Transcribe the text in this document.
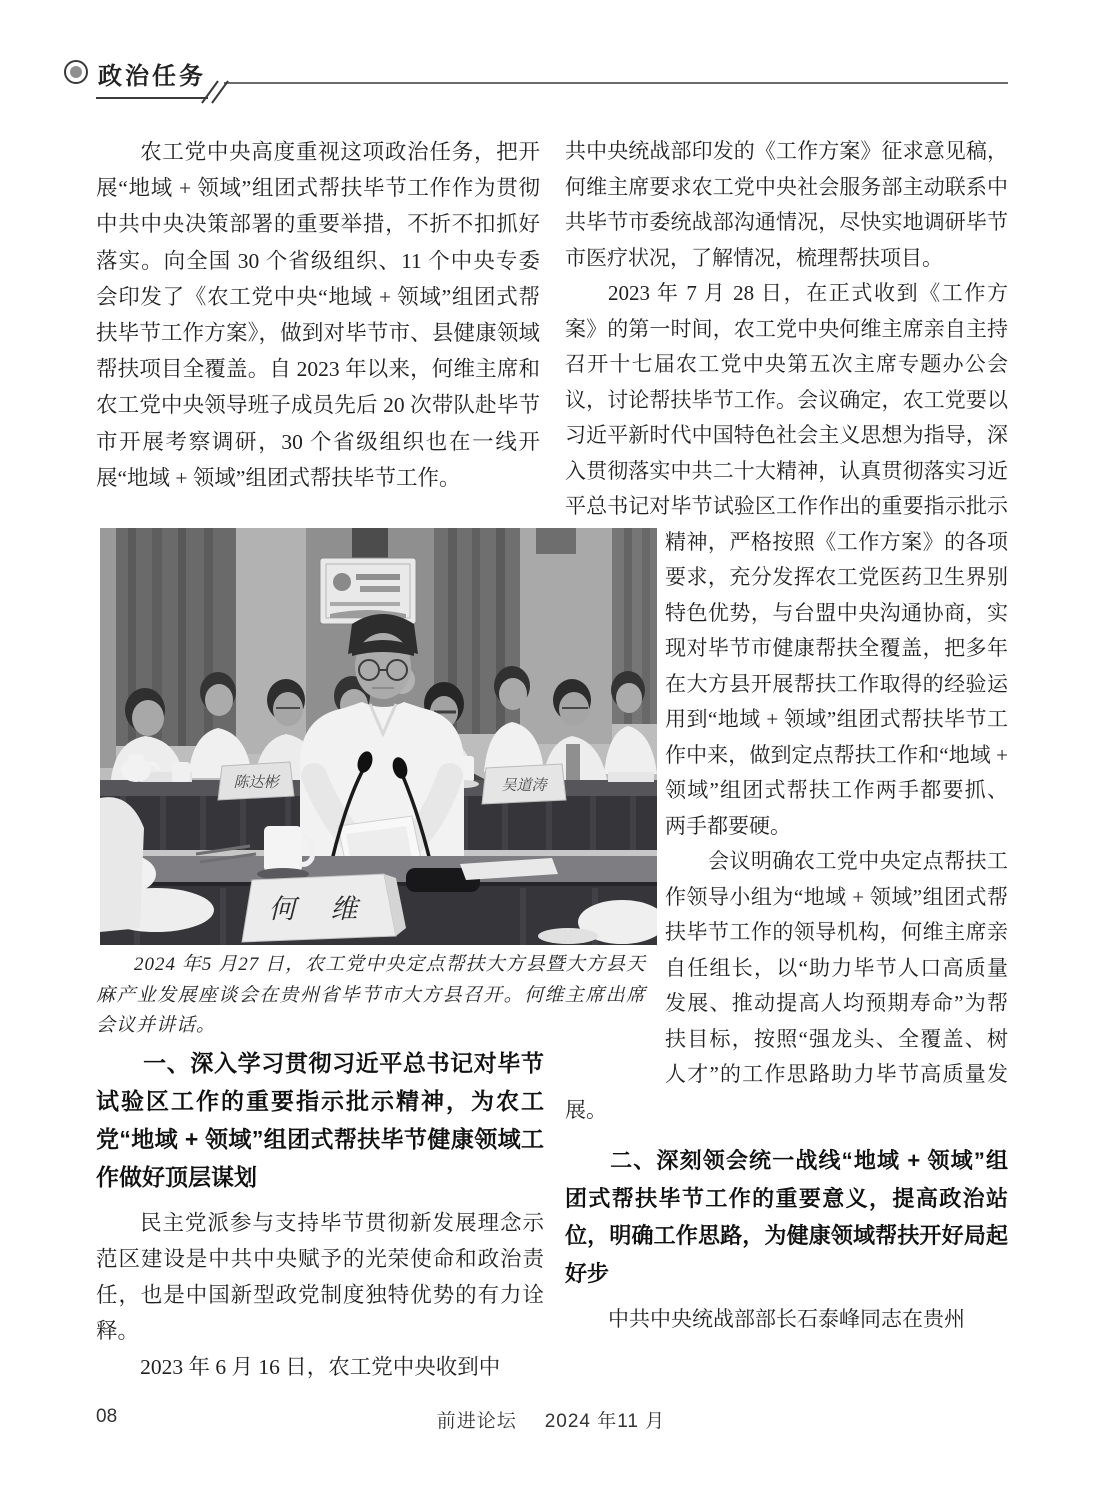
政治任务

农工党中央高度重视这项政治任务，把开展“地域 + 领域”组团式帮扶毕节工作作为贯彻中共中央决策部署的重要举措，不折不扣抓好落实。向全国 30 个省级组织、11 个中央专委会印发了《农工党中央“地域 + 领域”组团式帮扶毕节工作方案》，做到对毕节市、县健康领域帮扶项目全覆盖。自 2023 年以来，何维主席和农工党中央领导班子成员先后 20 次带队赴毕节市开展考察调研，30 个省级组织也在一线开展“地域 + 领域”组团式帮扶毕节工作。

陈达彬	吴道涛
何 维
2024 年5 月27 日，农工党中央定点帮扶大方县暨大方县天麻产业发展座谈会在贵州省毕节市大方县召开。何维主席出席会议并讲话。

一、深入学习贯彻习近平总书记对毕节试验区工作的重要指示批示精神，为农工党“地域 + 领域”组团式帮扶毕节健康领域工作做好顶层谋划

民主党派参与支持毕节贯彻新发展理念示范区建设是中共中央赋予的光荣使命和政治责任，也是中国新型政党制度独特优势的有力诠释。

2023 年 6 月 16 日，农工党中央收到中

共中央统战部印发的《工作方案》征求意见稿，何维主席要求农工党中央社会服务部主动联系中共毕节市委统战部沟通情况，尽快实地调研毕节市医疗状况，了解情况，梳理帮扶项目。

2023 年 7 月 28 日，在正式收到《工作方案》的第一时间，农工党中央何维主席亲自主持召开十七届农工党中央第五次主席专题办公会议，讨论帮扶毕节工作。会议确定，农工党要以习近平新时代中国特色社会主义思想为指导，深入贯彻落实中共二十大精神，认真贯彻落实习近平总书记对毕节试验区工作作出的重要指示批示精神，严格按照《工作方案》的各项要求，充分发挥农工党医药卫生界别特色优势，与台盟中央沟通协商，实现对毕节市健康帮扶全覆盖，把多年在大方县开展帮扶工作取得的经验运用到“地域 + 领域”组团式帮扶毕节工作中来，做到定点帮扶工作和“地域 + 领域”组团式帮扶工作两手都要抓、两手都要硬。

会议明确农工党中央定点帮扶工作领导小组为“地域 + 领域”组团式帮扶毕节工作的领导机构，何维主席亲自任组长，以“助力毕节人口高质量发展、推动提高人均预期寿命”为帮扶目标，按照“强龙头、全覆盖、树人才”的工作思路助力毕节高质量发展。

二、深刻领会统一战线“地域 + 领域”组团式帮扶毕节工作的重要意义，提高政治站位，明确工作思路，为健康领域帮扶开好局起好步

中共中央统战部部长石泰峰同志在贵州

08	前进论坛 2024 年11 月
